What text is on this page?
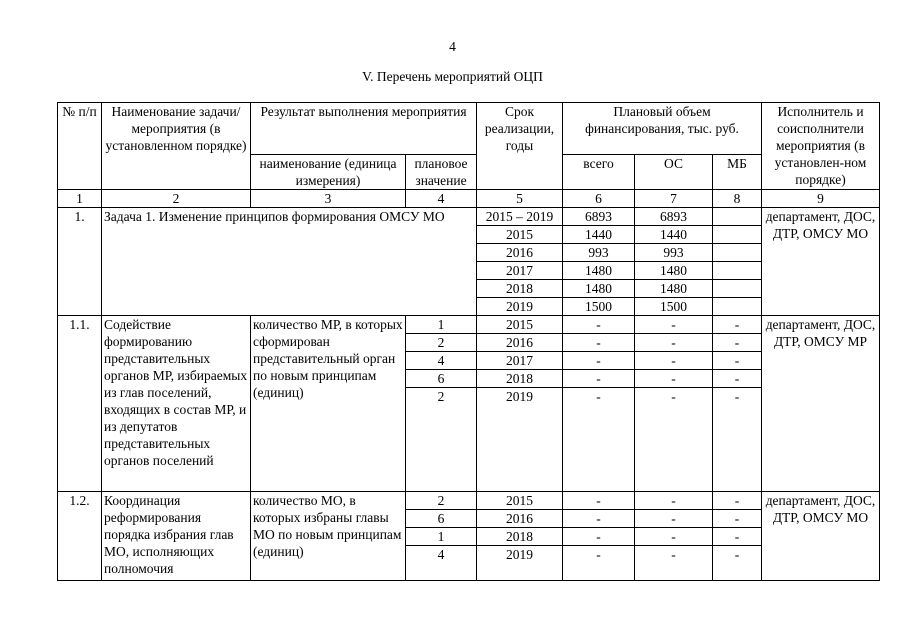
4
V. Перечень мероприятий ОЦП
№ п/п	Наименование задачи/мероприятия (в установленном порядке)	Результат выполнения мероприятия		Срок реализации, годы	Плановый объем финансирования, тыс. руб.			Исполнитель и соисполнители мероприятия (в установлен-ном порядке)
		наименование (единица измерения)	плановое значение		всего	ОС	МБ	
1	2	3	4	5	6	7	8	9
1.	Задача 1. Изменение принципов формирования ОМСУ МО			2015 – 2019	6893	6893		департамент, ДОС, ДТР, ОМСУ МО
				2015	1440	1440		
				2016	993	993		
				2017	1480	1480		
				2018	1480	1480		
				2019	1500	1500		
1.1.	Содействие формированию представительных органов МР, избираемых из глав поселений, входящих в состав МР, и из депутатов представительных органов поселений	количество МР, в которых сформирован представительный орган по новым принципам (единиц)	1	2015	-	-	-	департамент, ДОС, ДТР, ОМСУ МР
			2	2016	-	-	-	
			4	2017	-	-	-	
			6	2018	-	-	-	
			2	2019	-	-	-	

1.2.	Координация реформирования порядка избрания глав МО, исполняющих полномочия	количество МО, в которых избраны главы МО по новым принципам (единиц)	2	2015	-	-	-	департамент, ДОС, ДТР, ОМСУ МО
			6	2016	-	-	-	
			1	2018	-	-	-	
			4	2019	-	-	-	
